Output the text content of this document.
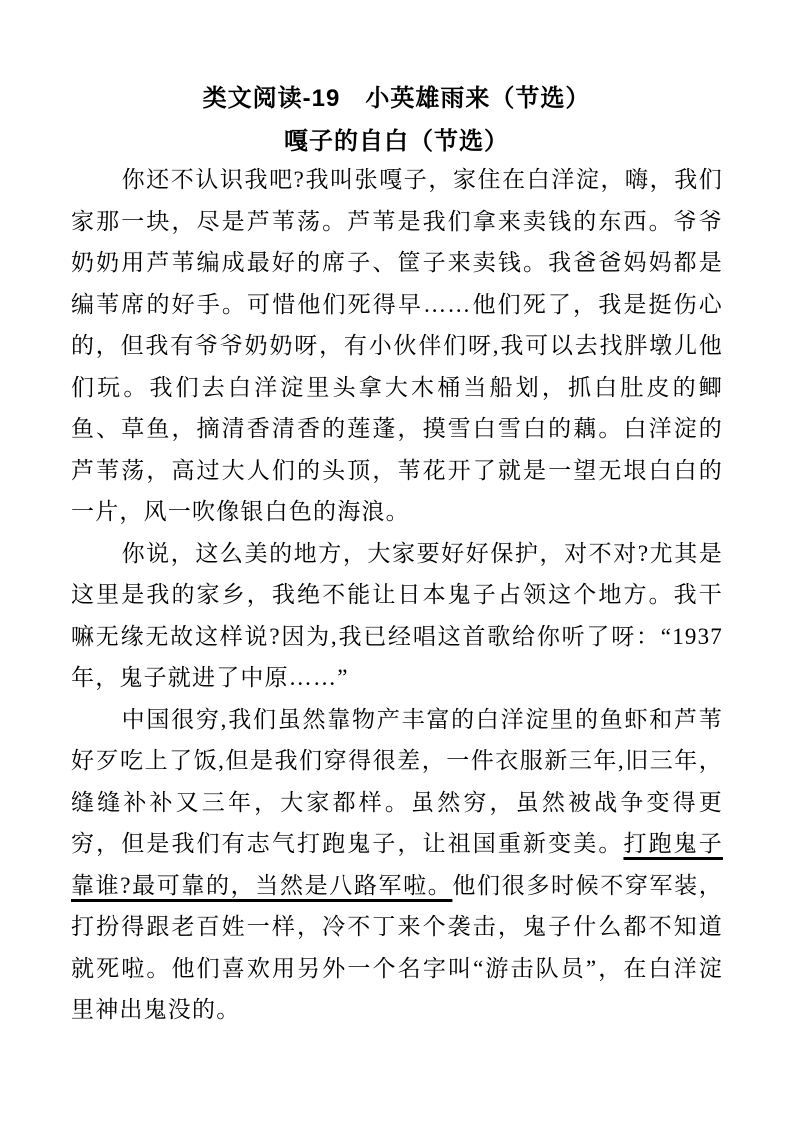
类文阅读-19　小英雄雨来（节选）
嘎子的自白（节选）

你还不认识我吧?我叫张嘎子，家住在白洋淀，嗨，我们家那一块，尽是芦苇荡。芦苇是我们拿来卖钱的东西。爷爷奶奶用芦苇编成最好的席子、筐子来卖钱。我爸爸妈妈都是编苇席的好手。可惜他们死得早……他们死了，我是挺伤心的，但我有爷爷奶奶呀，有小伙伴们呀,我可以去找胖墩儿他们玩。我们去白洋淀里头拿大木桶当船划，抓白肚皮的鲫鱼、草鱼，摘清香清香的莲蓬，摸雪白雪白的藕。白洋淀的芦苇荡，高过大人们的头顶，苇花开了就是一望无垠白白的一片，风一吹像银白色的海浪。

你说，这么美的地方，大家要好好保护，对不对?尤其是这里是我的家乡，我绝不能让日本鬼子占领这个地方。我干嘛无缘无故这样说?因为,我已经唱这首歌给你听了呀：“1937年，鬼子就进了中原……”

中国很穷,我们虽然靠物产丰富的白洋淀里的鱼虾和芦苇好歹吃上了饭,但是我们穿得很差，一件衣服新三年,旧三年，缝缝补补又三年，大家都样。虽然穷，虽然被战争变得更穷，但是我们有志气打跑鬼子，让祖国重新变美。打跑鬼子靠谁?最可靠的，当然是八路军啦。他们很多时候不穿军装，打扮得跟老百姓一样，冷不丁来个袭击，鬼子什么都不知道就死啦。他们喜欢用另外一个名字叫“游击队员”，在白洋淀里神出鬼没的。
